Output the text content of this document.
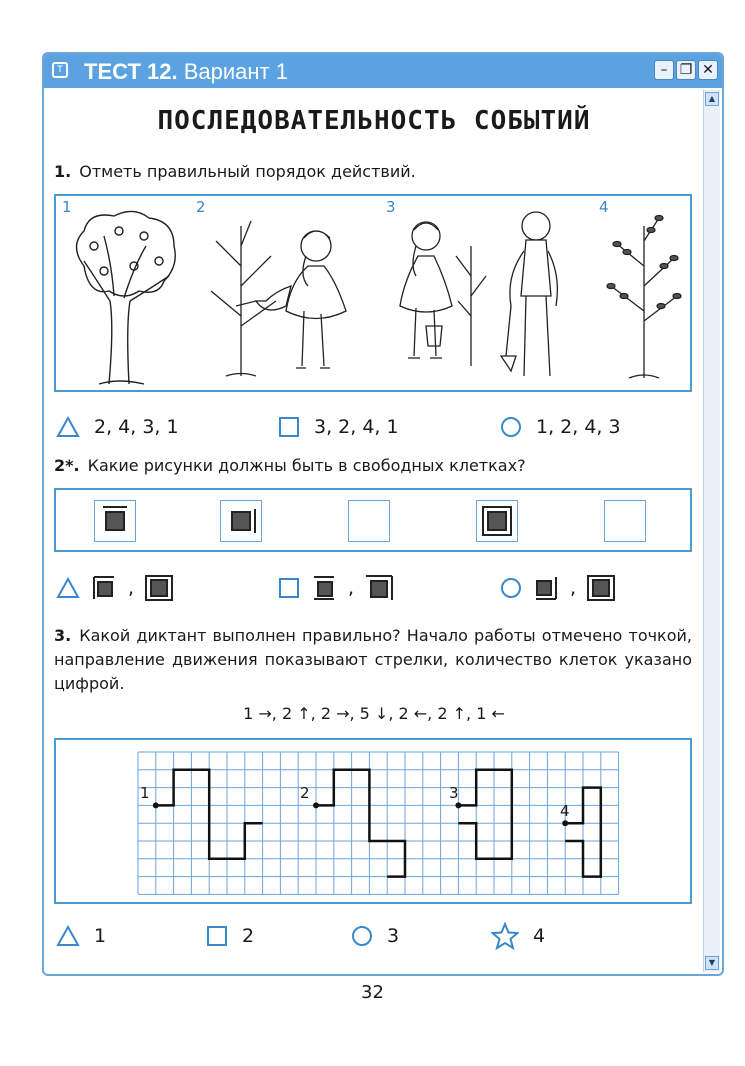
T ТЕСТ 12. Вариант 1	– ❐ ✕
▲
▼
ПОСЛЕДОВАТЕЛЬНОСТЬ СОБЫТИЙ
1. Отметь правильный порядок действий.
1	2	3	4
2, 4, 3, 1	3, 2, 4, 1	1, 2, 4, 3
2*. Какие рисунки должны быть в свободных клетках?
,	,	,
3. Какой диктант выполнен правильно? Начало работы отмечено точкой, направление движения показывают стрелки, количество клеток указано цифрой.
1 →, 2 ↑, 2 →, 5 ↓, 2 ←, 2 ↑, 1 ←
1	2	3
4
1	2	3	4
32
